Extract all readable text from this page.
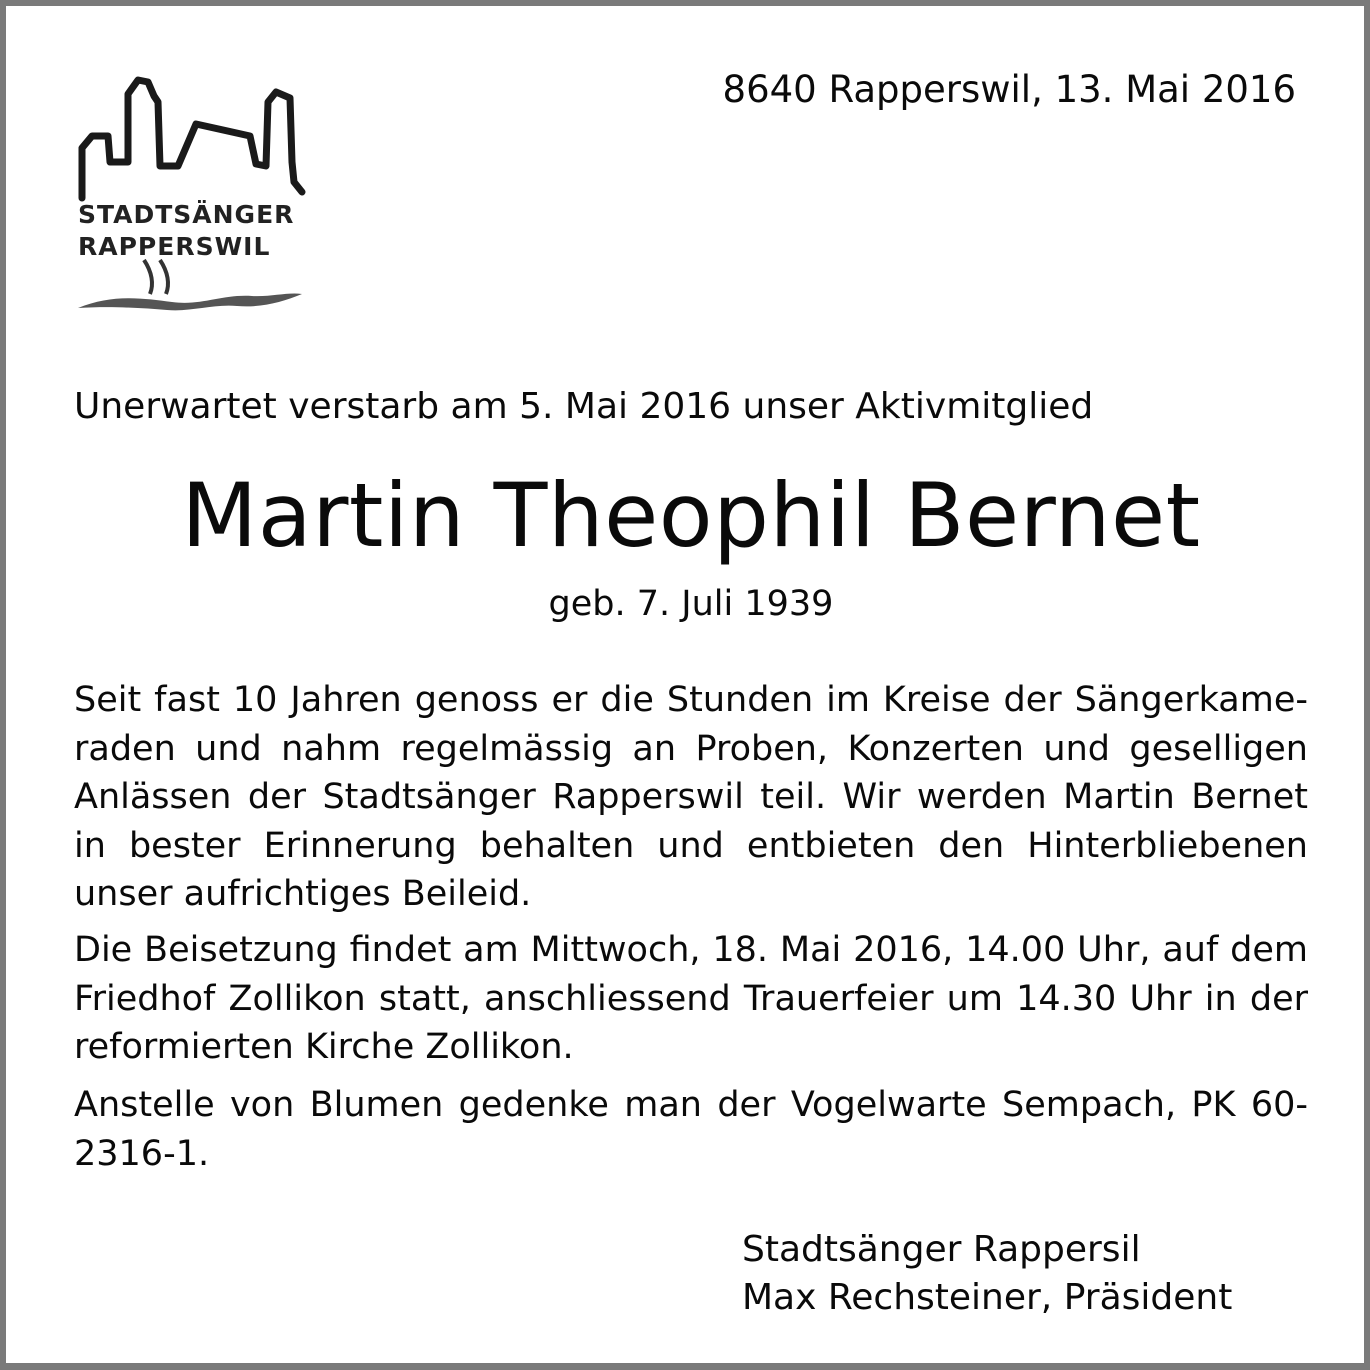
STADTSÄNGER
RAPPERSWIL
8640 Rapperswil, 13. Mai 2016
Unerwartet verstarb am 5. Mai 2016 unser Aktivmitglied
Martin Theophil Bernet
geb. 7. Juli 1939

Seit fast 10 Jahren genoss er die Stunden im Kreise der Sängerkameraden und nahm regelmässig an Proben, Konzerten und geselligen Anlässen der Stadtsänger Rapperswil teil. Wir werden Martin Bernet in bester Erinnerung behalten und entbieten den Hinterbliebenen unser aufrichtiges Beileid.

Die Beisetzung findet am Mittwoch, 18. Mai 2016, 14.00 Uhr, auf dem Friedhof Zollikon statt, anschliessend Trauerfeier um 14.30 Uhr in der reformierten Kirche Zollikon.

Anstelle von Blumen gedenke man der Vogelwarte Sempach, PK 60-2316-1.

Stadtsänger Rappersil
Max Rechsteiner, Präsident
